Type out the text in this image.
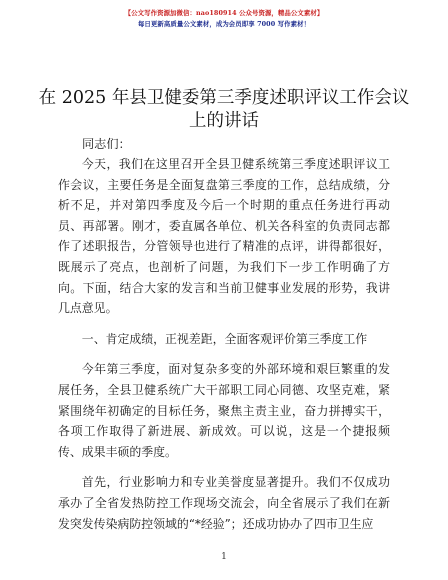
【公文写作资源加微信：nao180914 公众号资源，精品公文素材】
每日更新高质量公文素材，成为会员即享 7000 写作素材！
在 2025 年县卫健委第三季度述职评议工作会议上的讲话
同志们：

今天，我们在这里召开全县卫健系统第三季度述职评议工作会议，主要任务是全面复盘第三季度的工作，总结成绩，分析不足，并对第四季度及今后一个时期的重点任务进行再动员、再部署。刚才，委直属各单位、机关各科室的负责同志都作了述职报告，分管领导也进行了精准的点评，讲得都很好，既展示了亮点，也剖析了问题，为我们下一步工作明确了方向。下面，结合大家的发言和当前卫健事业发展的形势，我讲几点意见。

一、肯定成绩，正视差距，全面客观评价第三季度工作

今年第三季度，面对复杂多变的外部环境和艰巨繁重的发展任务，全县卫健系统广大干部职工同心同德、攻坚克难，紧紧围绕年初确定的目标任务，聚焦主责主业，奋力拼搏实干，各项工作取得了新进展、新成效。可以说，这是一个捷报频传、成果丰硕的季度。

首先，行业影响力和专业美誉度显著提升。我们不仅成功承办了全省发热防控工作现场交流会，向全省展示了我们在新发突发传染病防控领域的“*经验”；还成功协办了四市卫生应

1
